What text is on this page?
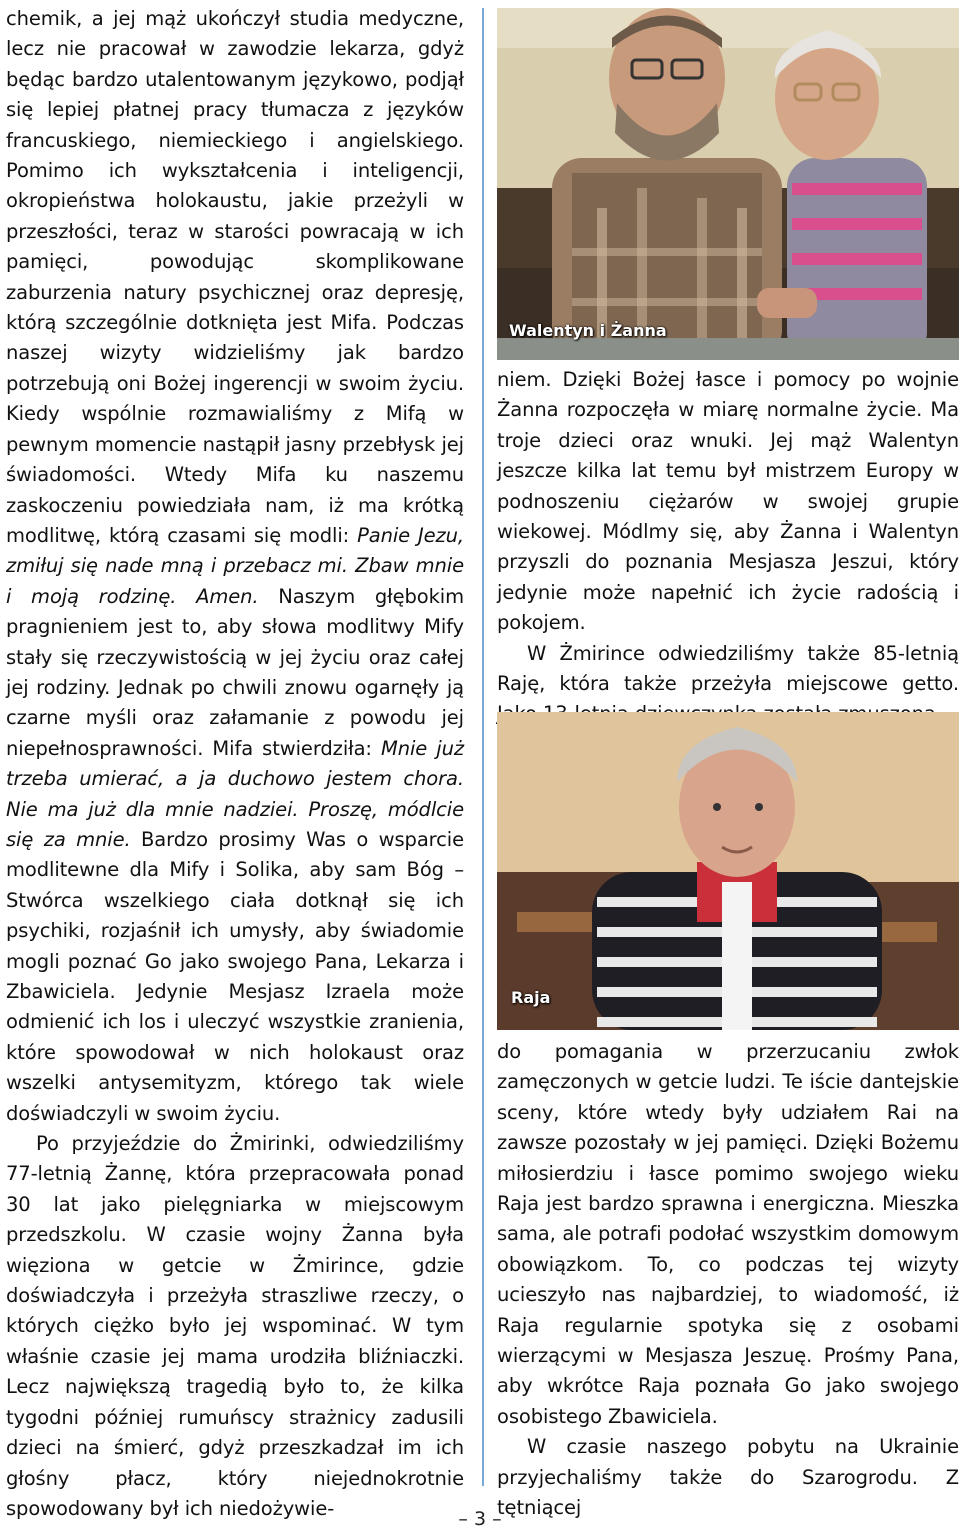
chemik, a jej mąż ukończył studia medyczne, lecz nie pracował w zawodzie lekarza, gdyż będąc bardzo utalentowanym językowo, podjął się lepiej płatnej pracy tłumacza z języków francuskiego, niemieckiego i angielskiego. Pomimo ich wykształcenia i inteligencji, okropieństwa holokaustu, jakie przeżyli w przeszłości, teraz w starości powracają w ich pamięci, powodując skomplikowane zaburzenia natury psychicznej oraz depresję, którą szczególnie dotknięta jest Mifa. Podczas naszej wizyty widzieliśmy jak bardzo potrzebują oni Bożej ingerencji w swoim życiu. Kiedy wspólnie rozmawialiśmy z Mifą w pewnym momencie nastąpił jasny przebłysk jej świadomości. Wtedy Mifa ku naszemu zaskoczeniu powiedziała nam, iż ma krótką modlitwę, którą czasami się modli: Panie Jezu, zmiłuj się nade mną i przebacz mi. Zbaw mnie i moją rodzinę. Amen. Naszym głębokim pragnieniem jest to, aby słowa modlitwy Mify stały się rzeczywistością w jej życiu oraz całej jej rodziny. Jednak po chwili znowu ogarnęły ją czarne myśli oraz załamanie z powodu jej niepełnosprawności. Mifa stwierdziła: Mnie już trzeba umierać, a ja duchowo jestem chora. Nie ma już dla mnie nadziei. Proszę, módlcie się za mnie. Bardzo prosimy Was o wsparcie modlitewne dla Mify i Solika, aby sam Bóg – Stwórca wszelkiego ciała dotknął się ich psychiki, rozjaśnił ich umysły, aby świadomie mogli poznać Go jako swojego Pana, Lekarza i Zbawiciela. Jedynie Mesjasz Izraela może odmienić ich los i uleczyć wszystkie zranienia, które spowodował w nich holokaust oraz wszelki antysemityzm, którego tak wiele doświadczyli w swoim życiu.

Po przyjeździe do Żmirinki, odwiedziliśmy 77-letnią Żannę, która przepracowała ponad 30 lat jako pielęgniarka w miejscowym przedszkolu. W czasie wojny Żanna była więziona w getcie w Żmirince, gdzie doświadczyła i przeżyła straszliwe rzeczy, o których ciężko było jej wspominać. W tym właśnie czasie jej mama urodziła bliźniaczki. Lecz największą tragedią było to, że kilka tygodni później rumuńscy strażnicy zadusili dzieci na śmierć, gdyż przeszkadzał im ich głośny płacz, który niejednokrotnie spowodowany był ich niedożywie-

Walentyn i Żanna

niem. Dzięki Bożej łasce i pomocy po wojnie Żanna rozpoczęła w miarę normalne życie. Ma troje dzieci oraz wnuki. Jej mąż Walentyn jeszcze kilka lat temu był mistrzem Europy w podnoszeniu ciężarów w swojej grupie wiekowej. Módlmy się, aby Żanna i Walentyn przyszli do poznania Mesjasza Jeszui, który jedynie może napełnić ich życie radością i pokojem.

W Żmirince odwiedziliśmy także 85-letnią Raję, która także przeżyła miejscowe getto.

Raja

do pomagania w przerzucaniu zwłok zamęczonych w getcie ludzi. Te iście dantejskie sceny, które wtedy były udziałem Rai na zawsze pozostały w jej pamięci. Dzięki Bożemu miłosierdziu i łasce pomimo swojego wieku Raja jest bardzo sprawna i energiczna. Mieszka sama, ale potrafi podołać wszystkim domowym obowiązkom. To, co podczas tej wizyty ucieszyło nas najbardziej, to wiadomość, iż Raja regularnie spotyka się z osobami wierzącymi w Mesjasza Jeszuę. Prośmy Pana, aby wkrótce Raja poznała Go jako swojego osobistego Zbawiciela.

W czasie naszego pobytu na Ukrainie przyjechaliśmy także do Szarogrodu. Z tętniącej

– 3 –
